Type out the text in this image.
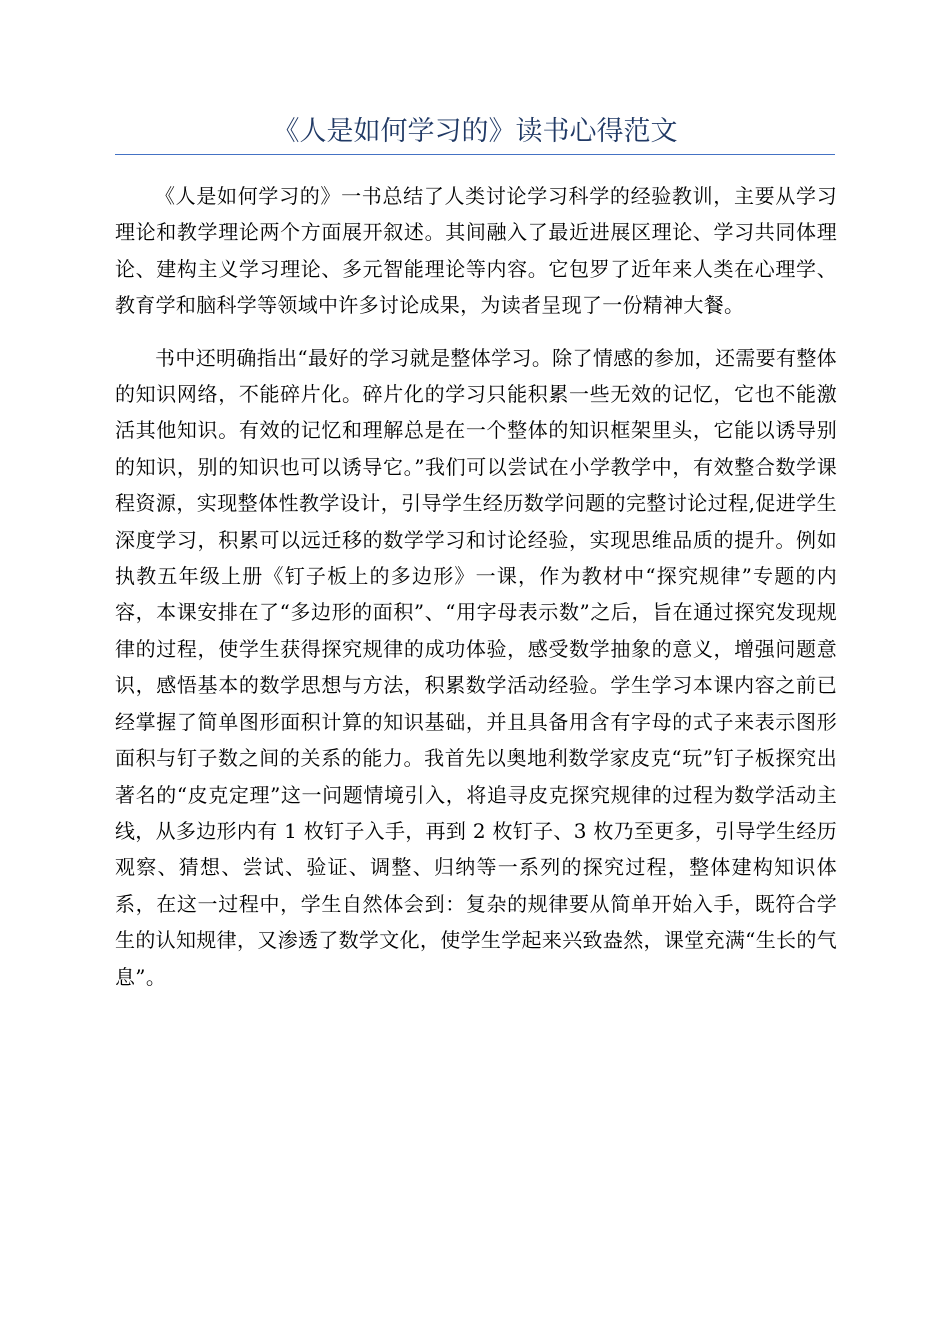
《人是如何学习的》读书心得范文

《人是如何学习的》一书总结了人类讨论学习科学的经验教训，主要从学习理论和教学理论两个方面展开叙述。其间融入了最近进展区理论、学习共同体理论、建构主义学习理论、多元智能理论等内容。它包罗了近年来人类在心理学、教育学和脑科学等领域中许多讨论成果，为读者呈现了一份精神大餐。

书中还明确指出“最好的学习就是整体学习。除了情感的参加，还需要有整体的知识网络，不能碎片化。碎片化的学习只能积累一些无效的记忆，它也不能激活其他知识。有效的记忆和理解总是在一个整体的知识框架里头，它能以诱导别的知识，别的知识也可以诱导它。”我们可以尝试在小学教学中，有效整合数学课程资源，实现整体性教学设计，引导学生经历数学问题的完整讨论过程,促进学生深度学习，积累可以远迁移的数学学习和讨论经验，实现思维品质的提升。例如执教五年级上册《钉子板上的多边形》一课，作为教材中“探究规律”专题的内容，本课安排在了“多边形的面积”、“用字母表示数”之后，旨在通过探究发现规律的过程，使学生获得探究规律的成功体验，感受数学抽象的意义，增强问题意识，感悟基本的数学思想与方法，积累数学活动经验。学生学习本课内容之前已经掌握了简单图形面积计算的知识基础，并且具备用含有字母的式子来表示图形面积与钉子数之间的关系的能力。我首先以奥地利数学家皮克“玩”钉子板探究出著名的“皮克定理”这一问题情境引入，将追寻皮克探究规律的过程为数学活动主线，从多边形内有 1 枚钉子入手，再到 2 枚钉子、3 枚乃至更多，引导学生经历观察、猜想、尝试、验证、调整、归纳等一系列的探究过程，整体建构知识体系，在这一过程中，学生自然体会到：复杂的规律要从简单开始入手，既符合学生的认知规律，又渗透了数学文化，使学生学起来兴致盎然，课堂充满“生长的气息”。
